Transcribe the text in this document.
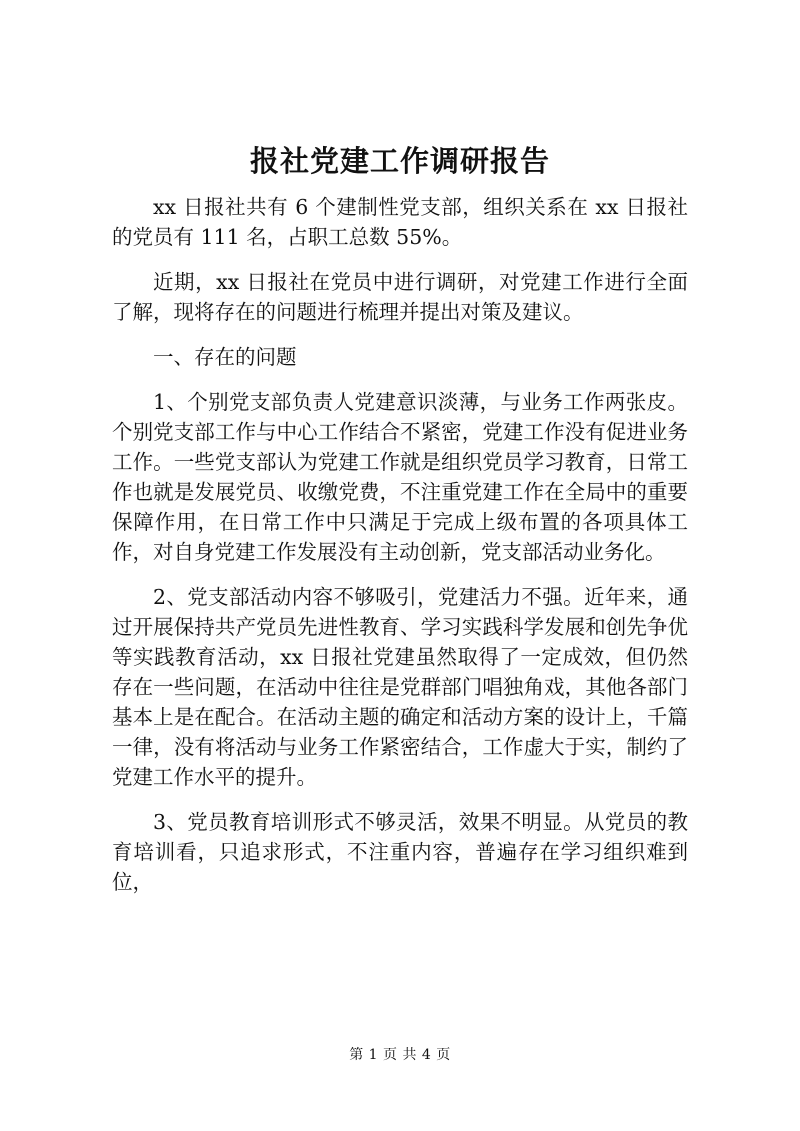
报社党建工作调研报告

xx 日报社共有 6 个建制性党支部，组织关系在 xx 日报社的党员有 111 名，占职工总数 55%。

近期，xx 日报社在党员中进行调研，对党建工作进行全面了解，现将存在的问题进行梳理并提出对策及建议。

一、存在的问题

1、个别党支部负责人党建意识淡薄，与业务工作两张皮。个别党支部工作与中心工作结合不紧密，党建工作没有促进业务工作。一些党支部认为党建工作就是组织党员学习教育，日常工作也就是发展党员、收缴党费，不注重党建工作在全局中的重要保障作用，在日常工作中只满足于完成上级布置的各项具体工作，对自身党建工作发展没有主动创新，党支部活动业务化。

2、党支部活动内容不够吸引，党建活力不强。近年来，通过开展保持共产党员先进性教育、学习实践科学发展和创先争优等实践教育活动，xx 日报社党建虽然取得了一定成效，但仍然存在一些问题，在活动中往往是党群部门唱独角戏，其他各部门基本上是在配合。在活动主题的确定和活动方案的设计上，千篇一律，没有将活动与业务工作紧密结合，工作虚大于实，制约了党建工作水平的提升。

3、党员教育培训形式不够灵活，效果不明显。从党员的教育培训看，只追求形式，不注重内容，普遍存在学习组织难到位，

第 1 页 共 4 页
